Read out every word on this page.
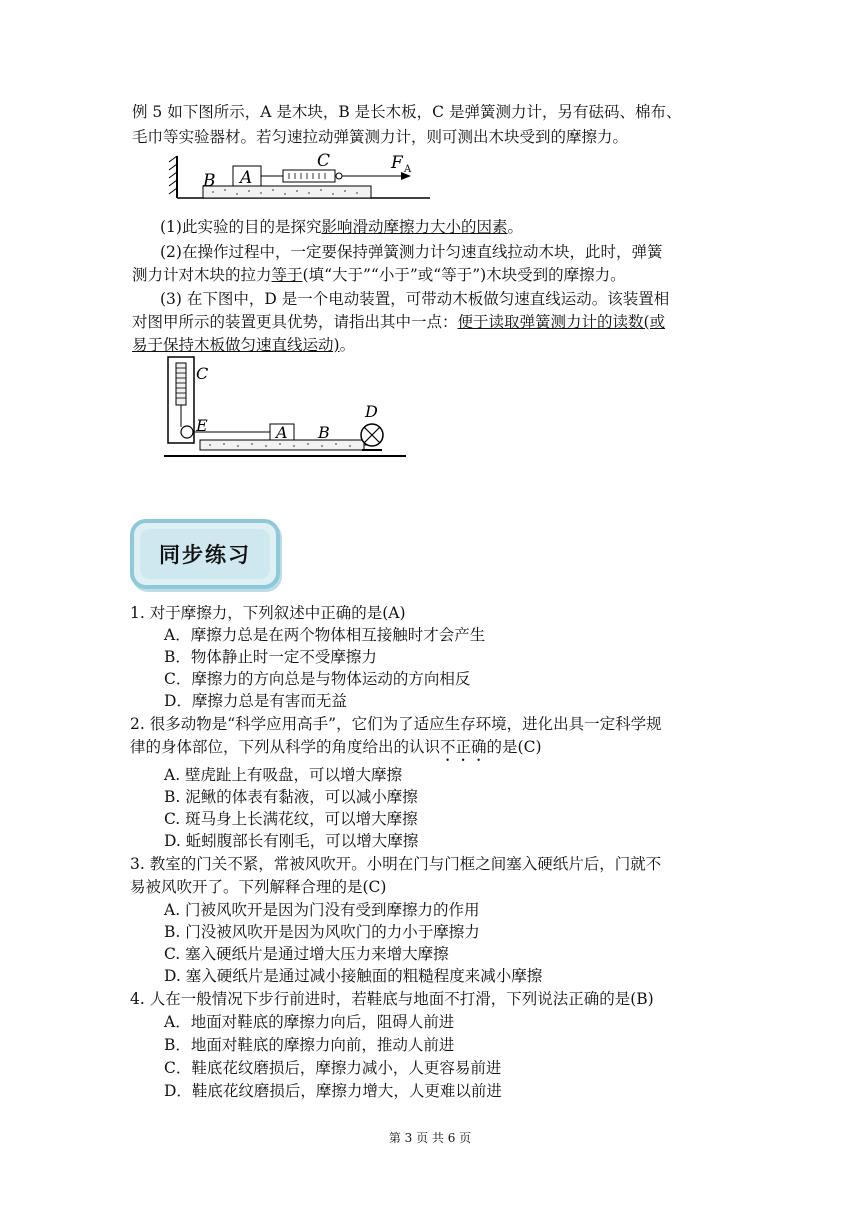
例 5 如下图所示，A 是木块，B 是长木板，C 是弹簧测力计，另有砝码、棉布、
毛巾等实验器材。若匀速拉动弹簧测力计，则可测出木块受到的摩擦力。
B A
C	F A
(1)此实验的目的是探究影响滑动摩擦力大小的因素。
(2)在操作过程中，一定要保持弹簧测力计匀速直线拉动木块，此时，弹簧
测力计对木块的拉力等于(填“大于”“小于”或“等于”)木块受到的摩擦力。
(3) 在下图中，D 是一个电动装置，可带动木板做匀速直线运动。该装置相
对图甲所示的装置更具优势，请指出其中一点：便于读取弹簧测力计的读数(或
易于保持木板做匀速直线运动)。
C
E	A B
D
同步练习
1. 对于摩擦力，下列叙述中正确的是(A)
A．摩擦力总是在两个物体相互接触时才会产生
B．物体静止时一定不受摩擦力
C．摩擦力的方向总是与物体运动的方向相反
D．摩擦力总是有害而无益
2. 很多动物是“科学应用高手”，它们为了适应生存环境，进化出具一定科学规
律的身体部位，下列从科学的角度给出的认识不正确的是(C)
A. 壁虎趾上有吸盘，可以增大摩擦
B. 泥鳅的体表有黏液，可以减小摩擦
C. 斑马身上长满花纹，可以增大摩擦
D. 蚯蚓腹部长有刚毛，可以增大摩擦
3. 教室的门关不紧，常被风吹开。小明在门与门框之间塞入硬纸片后，门就不
易被风吹开了。下列解释合理的是(C)
A. 门被风吹开是因为门没有受到摩擦力的作用
B. 门没被风吹开是因为风吹门的力小于摩擦力
C. 塞入硬纸片是通过增大压力来增大摩擦
D. 塞入硬纸片是通过减小接触面的粗糙程度来减小摩擦
4. 人在一般情况下步行前进时，若鞋底与地面不打滑，下列说法正确的是(B)
A．地面对鞋底的摩擦力向后，阻碍人前进
B．地面对鞋底的摩擦力向前，推动人前进
C．鞋底花纹磨损后，摩擦力减小，人更容易前进
D．鞋底花纹磨损后，摩擦力增大，人更难以前进
第 3 页 共 6 页
